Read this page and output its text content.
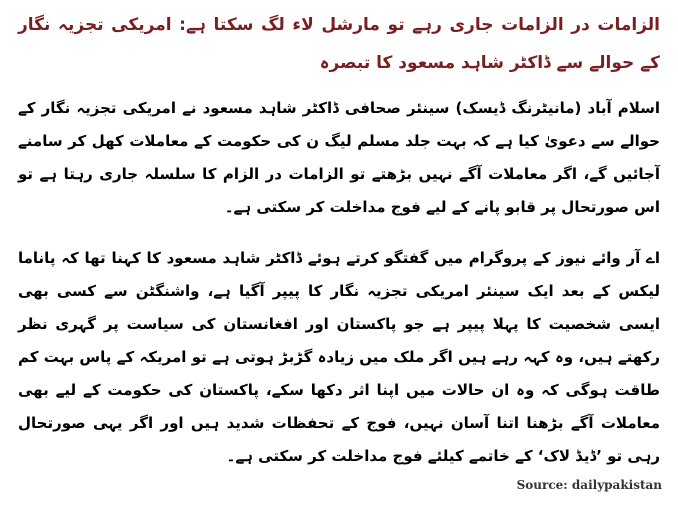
الزامات در الزامات جاری رہے تو مارشل لاء لگ سکتا ہے: امریکی تجزیہ نگار کے حوالے سے ڈاکٹر شاہد مسعود کا تبصرہ
اسلام آباد (مانیٹرنگ ڈیسک) سینئر صحافی ڈاکٹر شاہد مسعود نے امریکی تجزیہ نگار کے حوالے سے دعویٰ کیا ہے کہ بہت جلد مسلم لیگ ن کی حکومت کے معاملات کھل کر سامنے آجائیں گے، اگر معاملات آگے نہیں بڑھتے تو الزامات در الزام کا سلسلہ جاری رہتا ہے تو اس صورتحال پر قابو پانے کے لیے فوج مداخلت کر سکتی ہے۔
اے آر وائے نیوز کے پروگرام میں گفتگو کرتے ہوئے ڈاکٹر شاہد مسعود کا کہنا تھا کہ پاناما لیکس کے بعد ایک سینئر امریکی تجزیہ نگار کا پیپر آگیا ہے، واشنگٹن سے کسی بھی ایسی شخصیت کا پہلا پیپر ہے جو پاکستان اور افغانستان کی سیاست پر گہری نظر رکھتے ہیں، وہ کہہ رہے ہیں اگر ملک میں زیادہ گڑبڑ ہوتی ہے تو امریکہ کے پاس بہت کم طاقت ہوگی کہ وہ ان حالات میں اپنا اثر دکھا سکے، پاکستان کی حکومت کے لیے بھی معاملات آگے بڑھنا اتنا آسان نہیں، فوج کے تحفظات شدید ہیں اور اگر یہی صورتحال رہی تو ’ڈیڈ لاک‘ کے خاتمے کیلئے فوج مداخلت کر سکتی ہے۔
Source: dailypakistan
